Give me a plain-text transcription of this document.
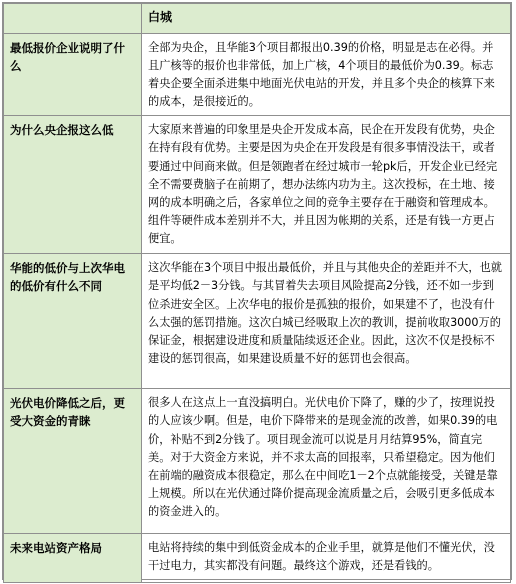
	白城
最低报价企业说明了什么	全部为央企，且华能3个项目都报出0.39的价格，明显是志在必得。并且广核等的报价也非常低，加上广核，4个项目的最低价为0.39。标志着央企要全面杀进集中地面光伏电站的开发，并且多个央企的核算下来的成本，是很接近的。
为什么央企报这么低	大家原来普遍的印象里是央企开发成本高，民企在开发段有优势，央企在持有段有优势。主要是因为央企在开发段是有很多事情没法干，或者要通过中间商来做。但是领跑者在经过城市一轮pk后，开发企业已经完全不需要费脑子在前期了，想办法练内功为主。这次投标，在土地、接网的成本明确之后，各家单位之间的竞争主要存在于融资和管理成本。组件等硬件成本差别并不大，并且因为帐期的关系，还是有钱一方更占便宜。
华能的低价与上次华电的低价有什么不同	这次华能在3个项目中报出最低价，并且与其他央企的差距并不大，也就是平均低2－3分钱。与其冒着失去项目风险提高2分钱，还不如一步到位杀进安全区。上次华电的报价是孤独的报价，如果建不了，也没有什么太强的惩罚措施。这次白城已经吸取上次的教训，提前收取3000万的保证金，根据建设进度和质量陆续返还企业。因此，这次不仅是投标不建设的惩罚很高，如果建设质量不好的惩罚也会很高。
光伏电价降低之后，更受大资金的青睐	很多人在这点上一直没搞明白。光伏电价下降了，赚的少了，按理说投的人应该少啊。但是，电价下降带来的是现金流的改善，如果0.39的电价，补贴不到2分钱了。项目现金流可以说是月月结算95%，简直完美。对于大资金方来说，并不求太高的回报率，只希望稳定。因为他们在前端的融资成本很稳定，那么在中间吃1－2个点就能接受，关键是靠上规模。所以在光伏通过降价提高现金流质量之后，会吸引更多低成本的资金进入的。
未来电站资产格局	电站将持续的集中到低资金成本的企业手里，就算是他们不懂光伏，没干过电力，其实都没有问题。最终这个游戏，还是看钱的。
